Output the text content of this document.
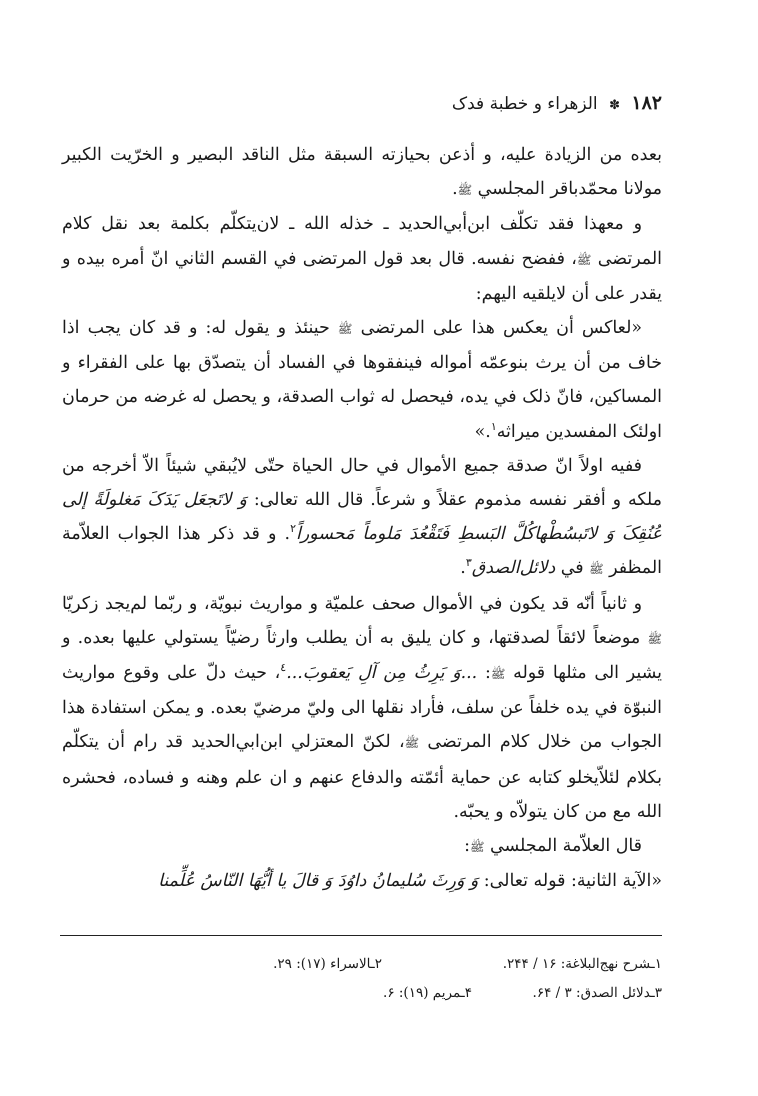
۱۸۲ ✽ الزهراء و خطبة فدک

بعده من الزيادة عليه، و أذعن بحيازته السبقة مثل الناقد البصير و الخرّيت الكبير مولانا محمّدباقر المجلسي ﷺ.

و معهذا فقد تكلّف ابن‌أبي‌الحديد ـ خذله الله ـ لان‌يتكلّم بكلمة بعد نقل كلام المرتضى ﷺ، ففضح نفسه. قال بعد قول المرتضى في القسم الثاني انّ أمره بيده و يقدر على أن لايلقيه اليهم:

«لعاكس أن يعكس هذا على المرتضى ﷺ حينئذ و يقول له: و قد كان يجب اذا خاف من أن يرث بنوعمّه أمواله فينفقوها في الفساد أن يتصدّق بها على الفقراء و المساكين، فانّ ذلک في يده، فيحصل له ثواب الصدقة، و يحصل له غرضه من حرمان اولئک المفسدين ميراثه$^١$.»

ففيه اولاً انّ صدقة جميع الأموال في حال الحياة حتّى لايُبقي شيئاً الاّ أخرجه من ملكه و أفقر نفسه مذموم عقلاً و شرعاً. قال الله تعالى: وَ لاتَجعَل يَدَکَ مَغلولَةً إلى عُنُقِکَ وَ لاتَبسُطْهاکُلَّ البَسطِ فَتَقْعُدَ مَلوماً مَحسوراً$^٢$. و قد ذكر هذا الجواب العلاّمة المظفر ﷺ في دلائل‌الصدق$^٣$.

و ثانياً أنّه قد يكون في الأموال صحف علميّة و مواريث نبويّة، و ربّما لم‌يجد زكريّا ﷺ موضعاً لائقاً لصدقتها، و كان يليق به أن يطلب وارثاً رضيّاً يستولي عليها بعده. و يشير الى مثلها قوله ﷺ: ...وَ يَرِثُ مِن آلِ يَعقوبَ...$^٤$، حيث دلّ على وقوع مواريث النبوّة في يده خلفاً عن سلف، فأراد نقلها الى وليّ مرضيّ بعده. و يمكن استفادة هذا الجواب من خلال كلام المرتضى ﷺ، لكنّ المعتزلي ابن‌ابي‌الحديد قد رام أن يتكلّم بكلام لئلاّيخلو كتابه عن حماية أئمّته والدفاع عنهم و ان علم وهنه و فساده، فحشره الله مع من كان يتولاّه و يحبّه.

قال العلاّمة المجلسي ﷺ:

«الآية الثانية: قوله تعالى: وَ وَرِثَ سُليمانُ داوُدَ وَ قالَ يا أيُّهَا النّاسُ عُلِّمنا

١ـشرح نهج‌البلاغة: ١۶ / ٢۴۴.
٢ـالاسراء (١٧): ٢٩.
٣ـدلائل الصدق: ٣ / ۶۴.
۴ـمريم (١٩): ۶.
